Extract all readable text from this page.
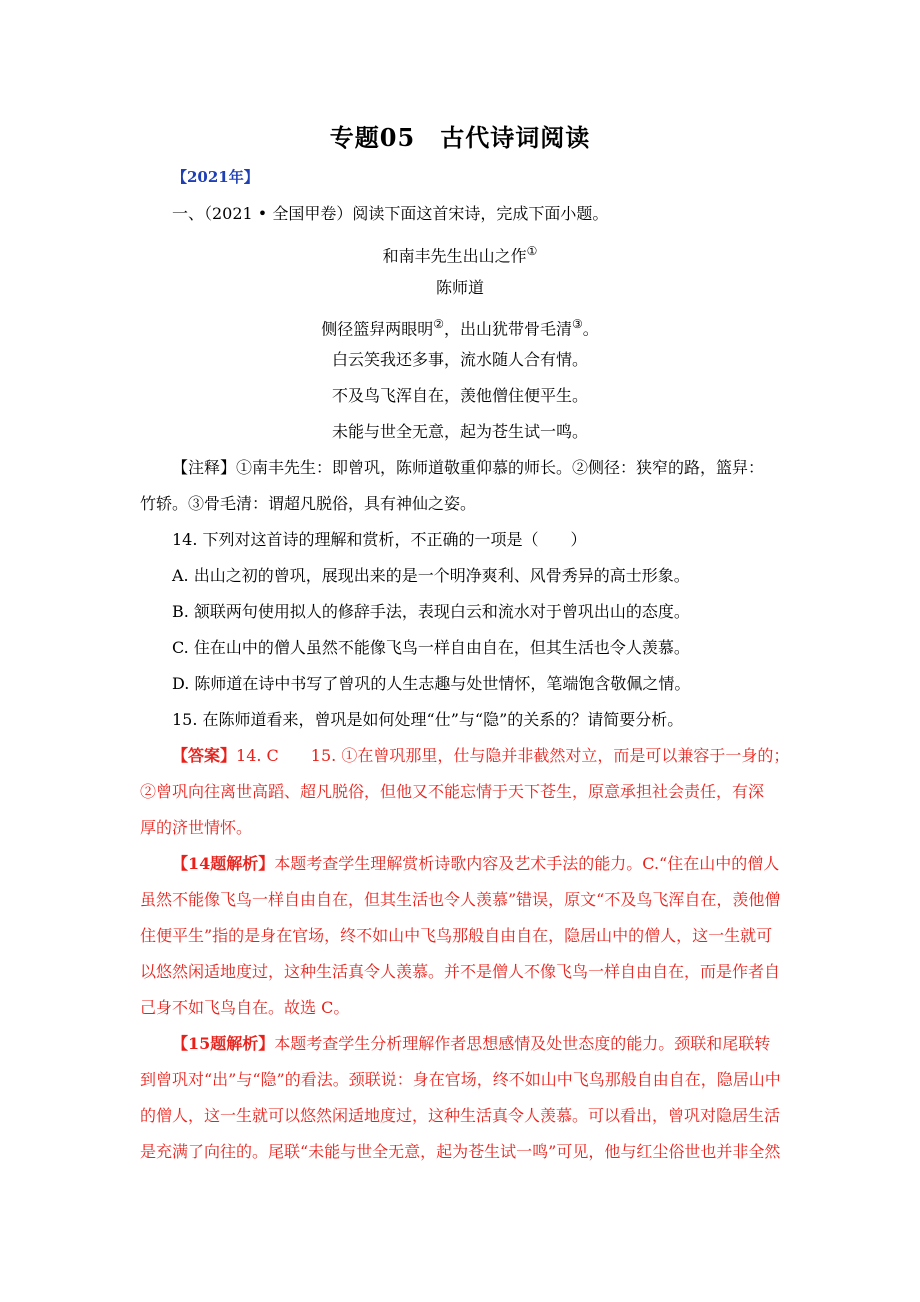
专题05　古代诗词阅读
【2021年】
一、（2021 • 全国甲卷）阅读下面这首宋诗，完成下面小题。
和南丰先生出山之作①
陈师道
侧径篮舁两眼明②，出山犹带骨毛清③。
白云笑我还多事，流水随人合有情。
不及鸟飞浑自在，羡他僧住便平生。
未能与世全无意，起为苍生试一鸣。
【注释】①南丰先生：即曾巩，陈师道敬重仰慕的师长。②侧径：狭窄的路，篮舁：
竹轿。③骨毛清：谓超凡脱俗，具有神仙之姿。
14. 下列对这首诗的理解和赏析，不正确的一项是（　　）
A. 出山之初的曾巩，展现出来的是一个明净爽利、风骨秀异的高士形象。
B. 颔联两句使用拟人的修辞手法，表现白云和流水对于曾巩出山的态度。
C. 住在山中的僧人虽然不能像飞鸟一样自由自在，但其生活也令人羡慕。
D. 陈师道在诗中书写了曾巩的人生志趣与处世情怀，笔端饱含敬佩之情。
15. 在陈师道看来，曾巩是如何处理“仕”与“隐”的关系的？请简要分析。
【答案】14. C　　15. ①在曾巩那里，仕与隐并非截然对立，而是可以兼容于一身的；
②曾巩向往离世高蹈、超凡脱俗，但他又不能忘情于天下苍生，原意承担社会责任，有深
厚的济世情怀。
【14题解析】本题考查学生理解赏析诗歌内容及艺术手法的能力。C.“住在山中的僧人
虽然不能像飞鸟一样自由自在，但其生活也令人羡慕”错误，原文“不及鸟飞浑自在，羡他僧
住便平生”指的是身在官场，终不如山中飞鸟那般自由自在，隐居山中的僧人，这一生就可
以悠然闲适地度过，这种生活真令人羡慕。并不是僧人不像飞鸟一样自由自在，而是作者自
己身不如飞鸟自在。故选 C。
【15题解析】本题考查学生分析理解作者思想感情及处世态度的能力。颈联和尾联转
到曾巩对“出”与“隐”的看法。颈联说：身在官场，终不如山中飞鸟那般自由自在，隐居山中
的僧人，这一生就可以悠然闲适地度过，这种生活真令人羡慕。可以看出，曾巩对隐居生活
是充满了向往的。尾联“未能与世全无意，起为苍生试一鸣”可见，他与红尘俗世也并非全然
